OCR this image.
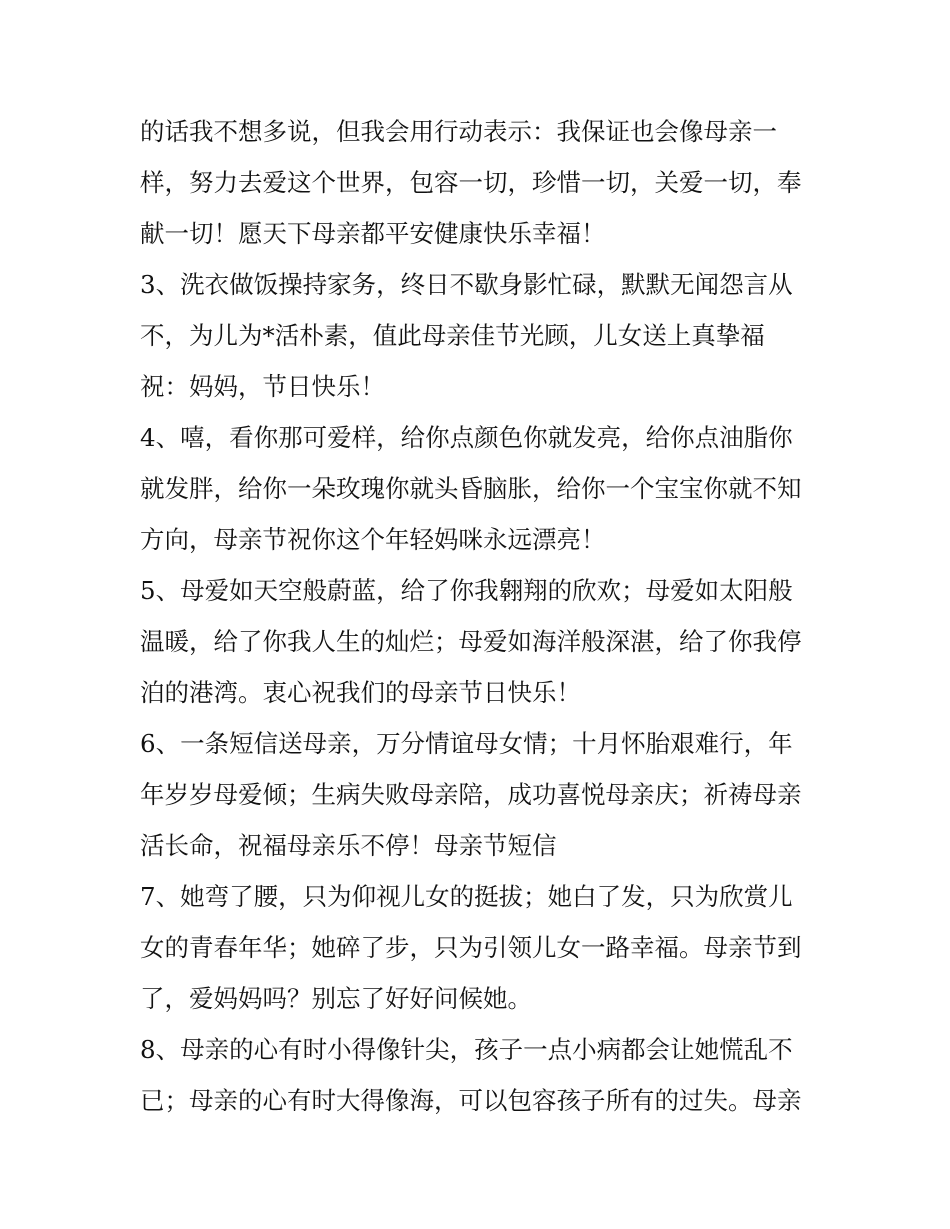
的话我不想多说，但我会用行动表示：我保证也会像母亲一
样，努力去爱这个世界，包容一切，珍惜一切，关爱一切，奉
献一切！愿天下母亲都平安健康快乐幸福！
3、洗衣做饭操持家务，终日不歇身影忙碌，默默无闻怨言从
不，为儿为*活朴素，值此母亲佳节光顾，儿女送上真挚福
祝：妈妈，节日快乐！
4、嘻，看你那可爱样，给你点颜色你就发亮，给你点油脂你
就发胖，给你一朵玫瑰你就头昏脑胀，给你一个宝宝你就不知
方向，母亲节祝你这个年轻妈咪永远漂亮！
5、母爱如天空般蔚蓝，给了你我翱翔的欣欢；母爱如太阳般
温暖，给了你我人生的灿烂；母爱如海洋般深湛，给了你我停
泊的港湾。衷心祝我们的母亲节日快乐！
6、一条短信送母亲，万分情谊母女情；十月怀胎艰难行，年
年岁岁母爱倾；生病失败母亲陪，成功喜悦母亲庆；祈祷母亲
活长命，祝福母亲乐不停！母亲节短信
7、她弯了腰，只为仰视儿女的挺拔；她白了发，只为欣赏儿
女的青春年华；她碎了步，只为引领儿女一路幸福。母亲节到
了，爱妈妈吗？别忘了好好问候她。
8、母亲的心有时小得像针尖，孩子一点小病都会让她慌乱不
已；母亲的心有时大得像海，可以包容孩子所有的过失。母亲
